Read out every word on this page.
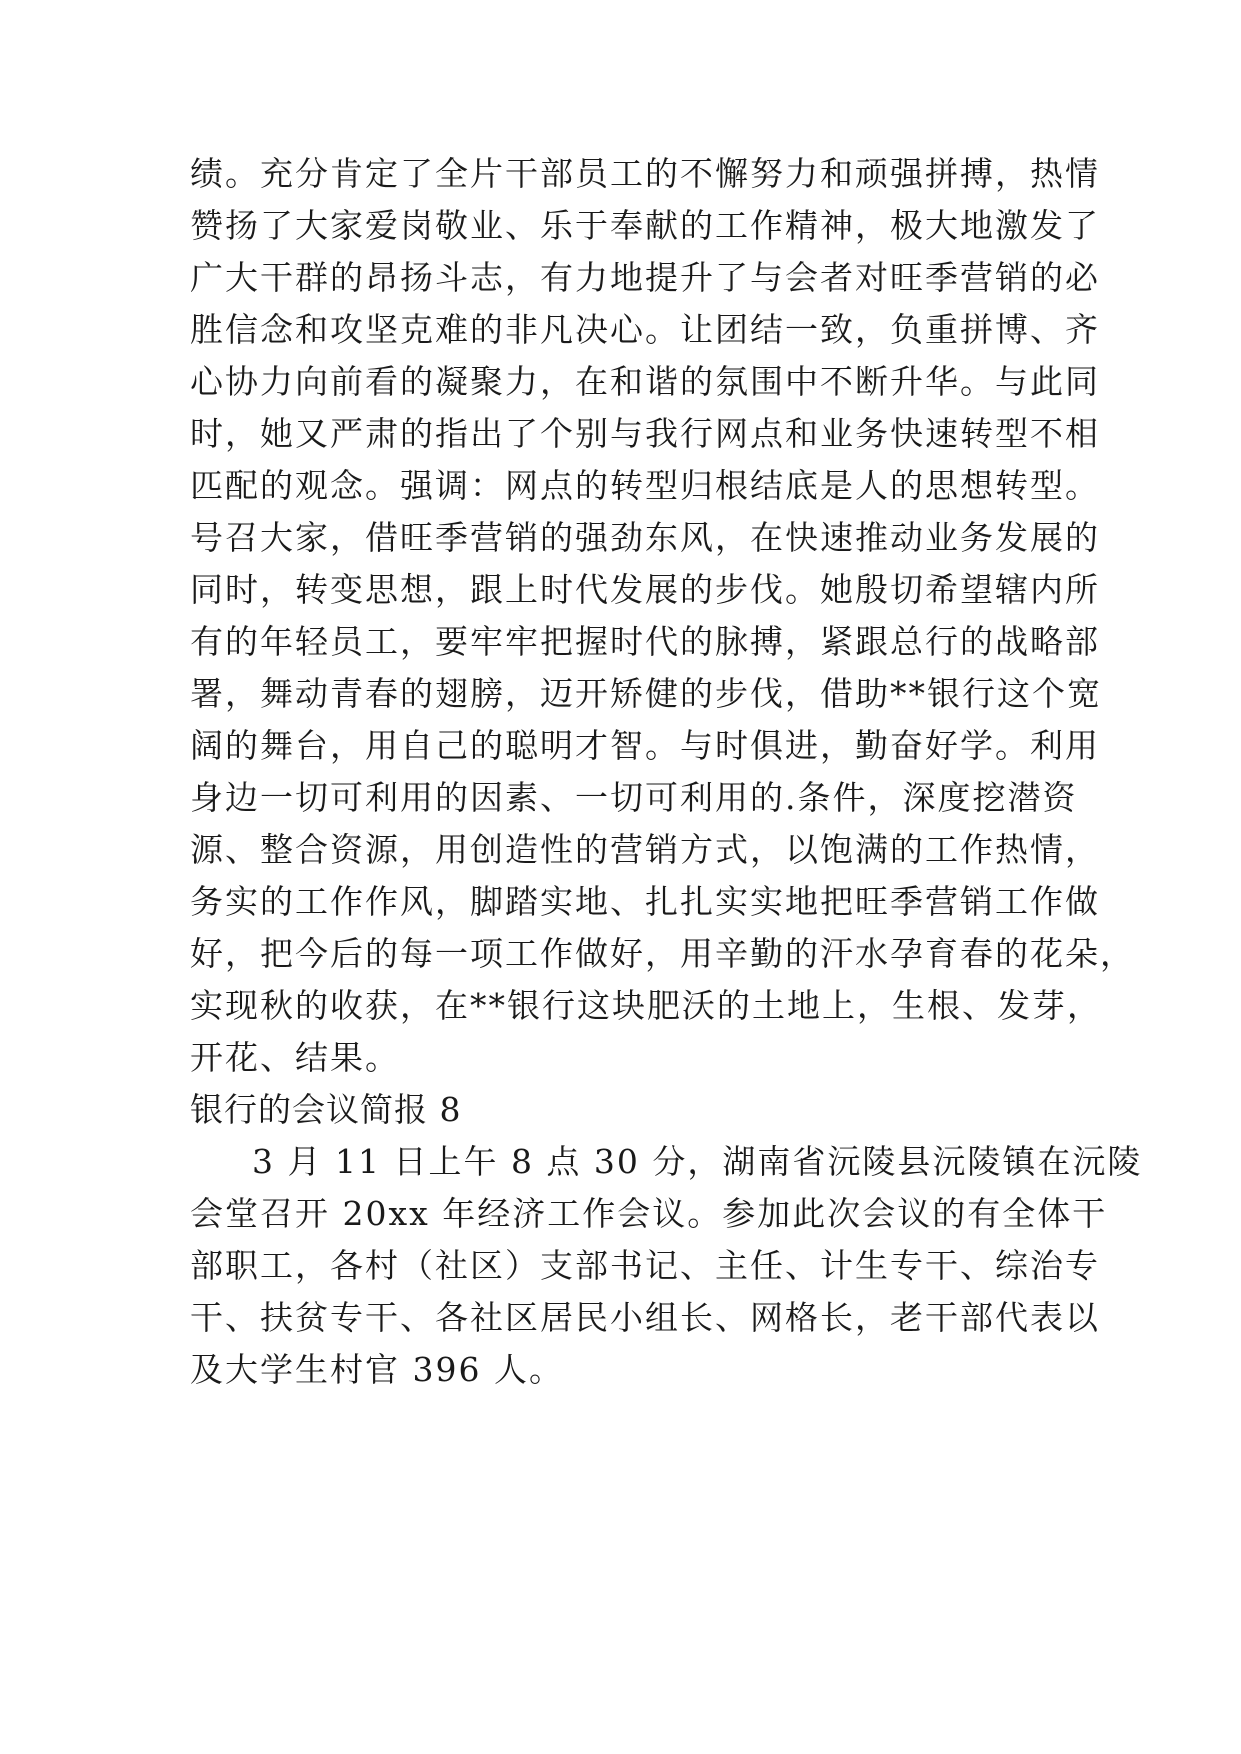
绩。充分肯定了全片干部员工的不懈努力和顽强拼搏，热情
赞扬了大家爱岗敬业、乐于奉献的工作精神，极大地激发了
广大干群的昂扬斗志，有力地提升了与会者对旺季营销的必
胜信念和攻坚克难的非凡决心。让团结一致，负重拼博、齐
心协力向前看的凝聚力，在和谐的氛围中不断升华。与此同
时，她又严肃的指出了个别与我行网点和业务快速转型不相
匹配的观念。强调：网点的转型归根结底是人的思想转型。
号召大家，借旺季营销的强劲东风，在快速推动业务发展的
同时，转变思想，跟上时代发展的步伐。她殷切希望辖内所
有的年轻员工，要牢牢把握时代的脉搏，紧跟总行的战略部
署，舞动青春的翅膀，迈开矫健的步伐，借助**银行这个宽
阔的舞台，用自己的聪明才智。与时俱进，勤奋好学。利用
身边一切可利用的因素、一切可利用的.条件，深度挖潜资
源、整合资源，用创造性的营销方式，以饱满的工作热情，
务实的工作作风，脚踏实地、扎扎实实地把旺季营销工作做
好，把今后的每一项工作做好，用辛勤的汗水孕育春的花朵，
实现秋的收获，在**银行这块肥沃的土地上，生根、发芽，
开花、结果。
银行的会议简报 8
3 月 11 日上午 8 点 30 分，湖南省沅陵县沅陵镇在沅陵
会堂召开 20xx 年经济工作会议。参加此次会议的有全体干
部职工，各村（社区）支部书记、主任、计生专干、综治专
干、扶贫专干、各社区居民小组长、网格长，老干部代表以
及大学生村官 396 人。
